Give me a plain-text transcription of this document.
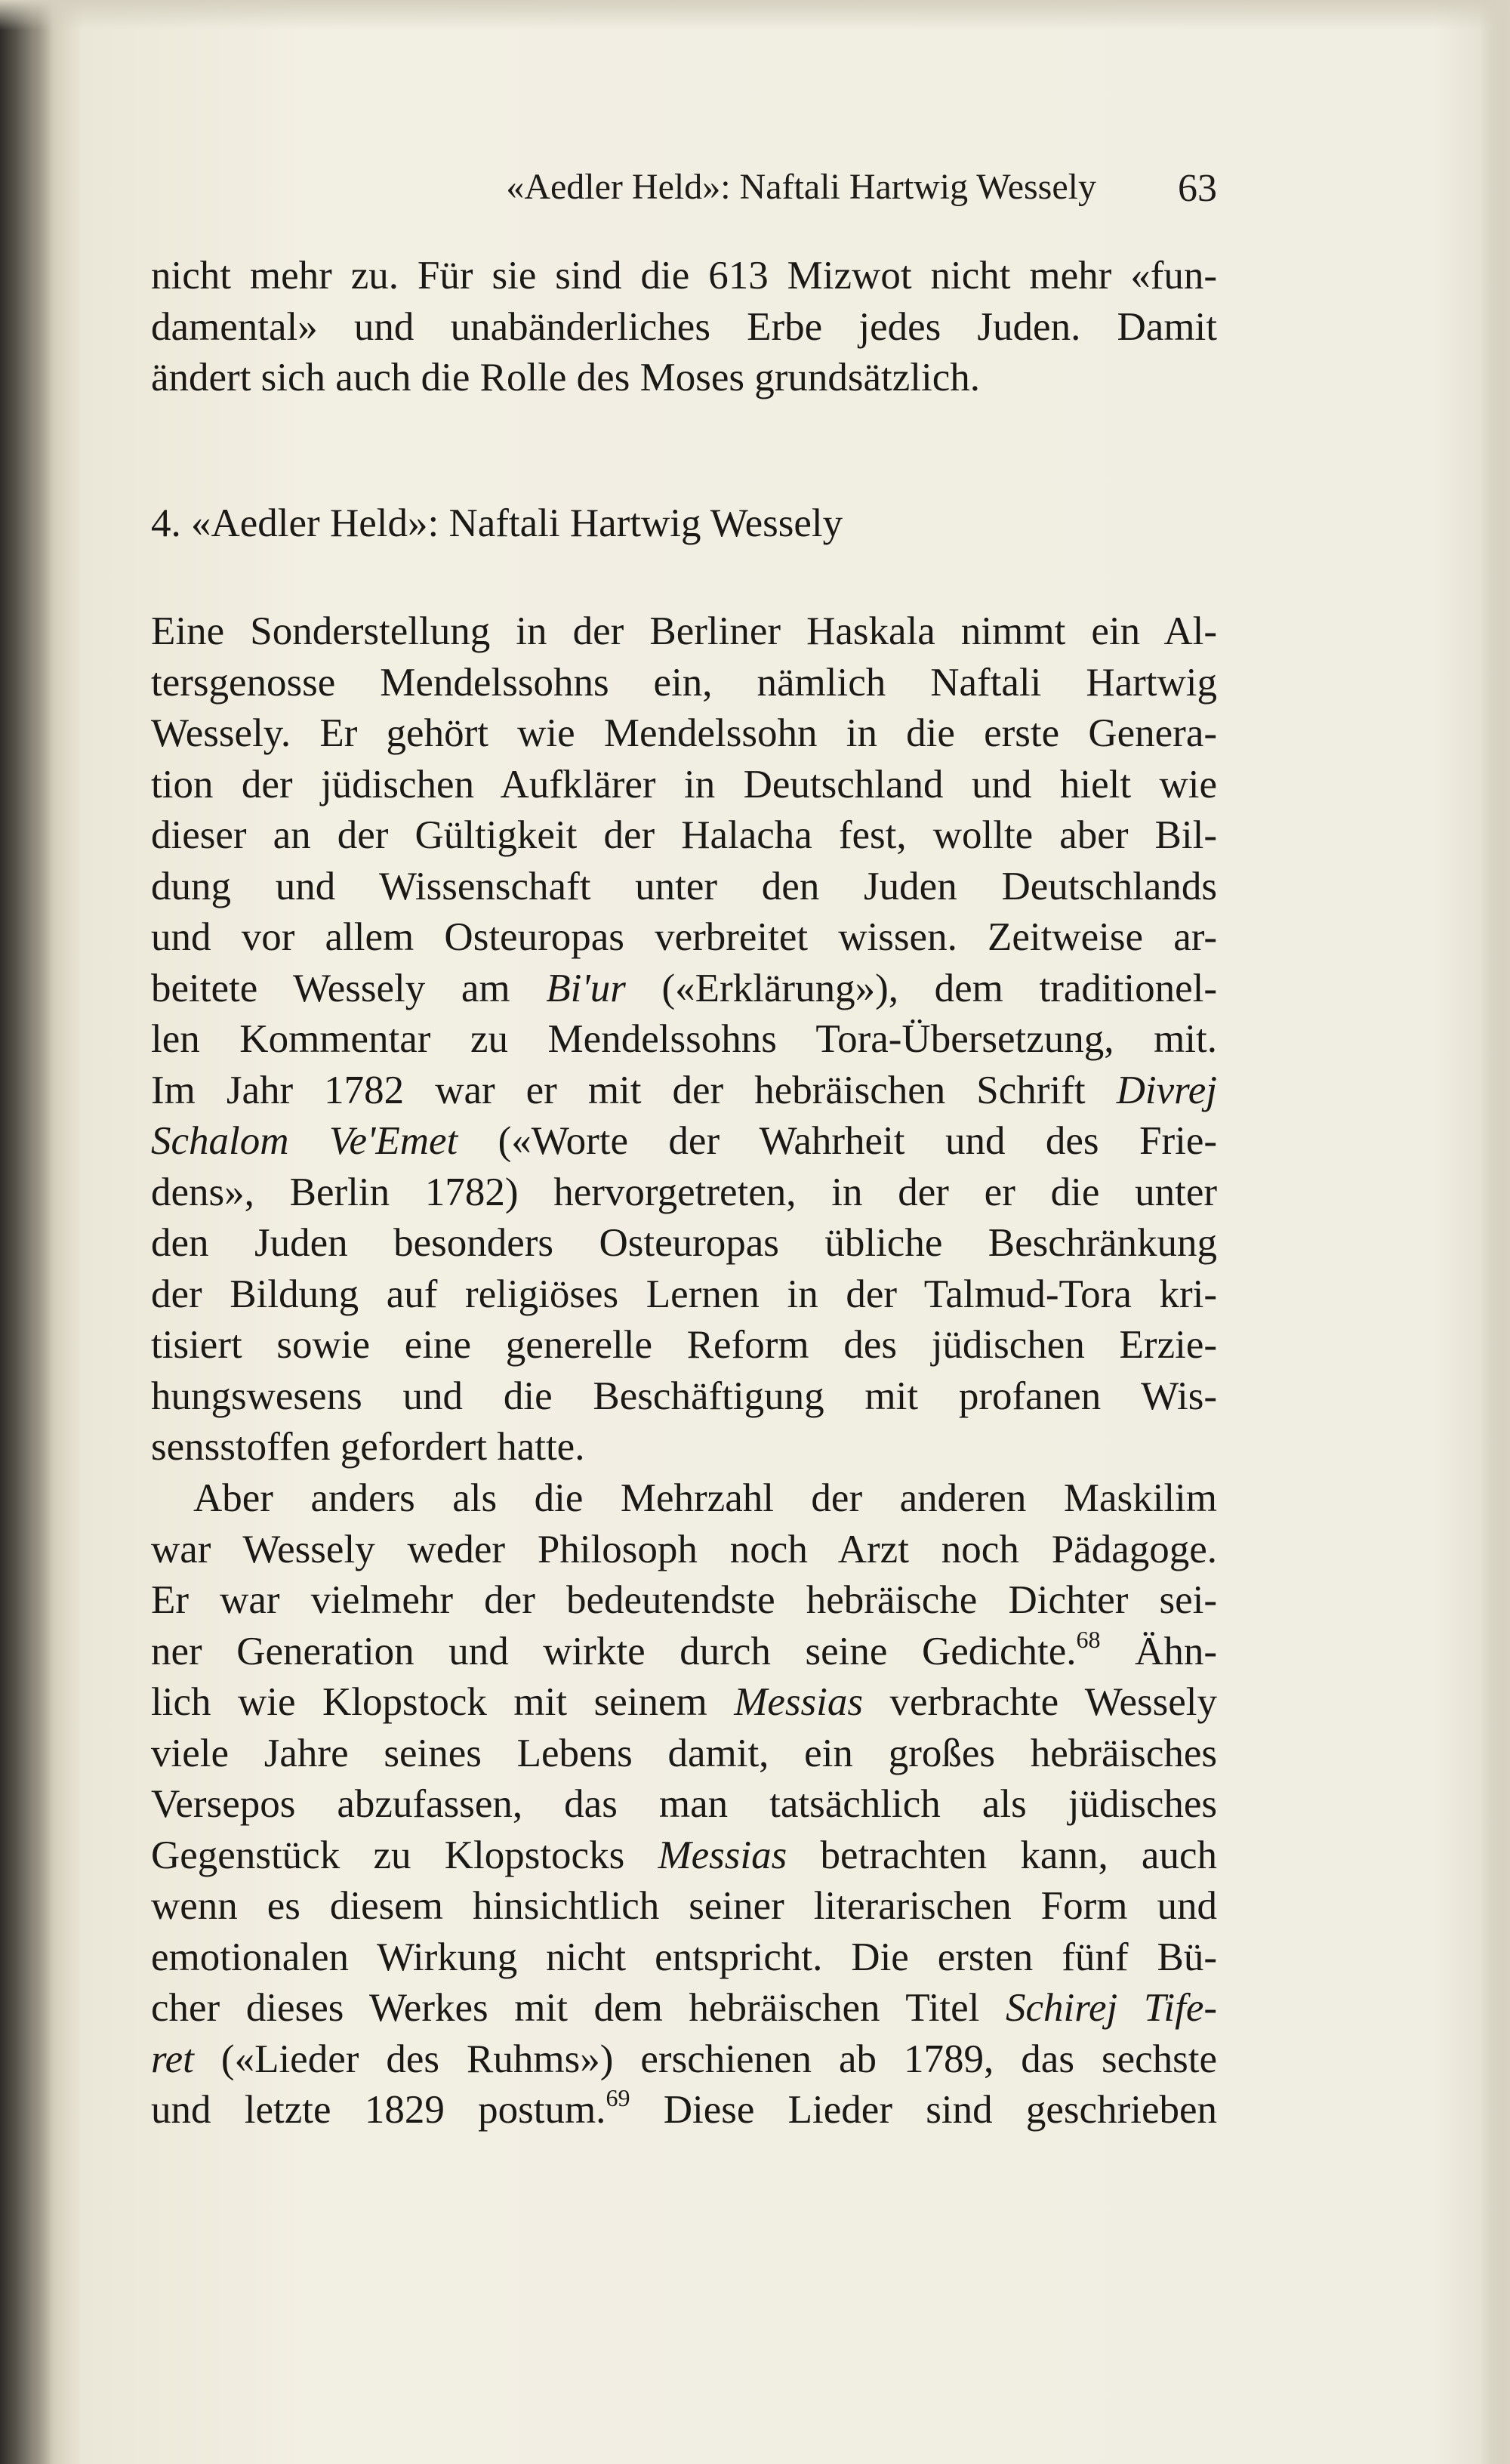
«Aedler Held»: Naftali Hartwig Wessely 63
nicht mehr zu. Für sie sind die 613 Mizwot nicht mehr «fun-
damental» und unabänderliches Erbe jedes Juden. Damit
ändert sich auch die Rolle des Moses grundsätzlich.
4. «Aedler Held»: Naftali Hartwig Wessely
Eine Sonderstellung in der Berliner Haskala nimmt ein Al-
tersgenosse Mendelssohns ein, nämlich Naftali Hartwig
Wessely. Er gehört wie Mendelssohn in die erste Genera-
tion der jüdischen Aufklärer in Deutschland und hielt wie
dieser an der Gültigkeit der Halacha fest, wollte aber Bil-
dung und Wissenschaft unter den Juden Deutschlands
und vor allem Osteuropas verbreitet wissen. Zeitweise ar-
beitete Wessely am Bi'ur («Erklärung»), dem traditionel-
len Kommentar zu Mendelssohns Tora-Übersetzung, mit.
Im Jahr 1782 war er mit der hebräischen Schrift Divrej
Schalom Ve'Emet («Worte der Wahrheit und des Frie-
dens», Berlin 1782) hervorgetreten, in der er die unter
den Juden besonders Osteuropas übliche Beschränkung
der Bildung auf religiöses Lernen in der Talmud-Tora kri-
tisiert sowie eine generelle Reform des jüdischen Erzie-
hungswesens und die Beschäftigung mit profanen Wis-
sensstoffen gefordert hatte.
Aber anders als die Mehrzahl der anderen Maskilim
war Wessely weder Philosoph noch Arzt noch Pädagoge.
Er war vielmehr der bedeutendste hebräische Dichter sei-
ner Generation und wirkte durch seine Gedichte.$^{68}$ Ähn-
lich wie Klopstock mit seinem Messias verbrachte Wessely
viele Jahre seines Lebens damit, ein großes hebräisches
Versepos abzufassen, das man tatsächlich als jüdisches
Gegenstück zu Klopstocks Messias betrachten kann, auch
wenn es diesem hinsichtlich seiner literarischen Form und
emotionalen Wirkung nicht entspricht. Die ersten fünf Bü-
cher dieses Werkes mit dem hebräischen Titel Schirej Tife-
ret («Lieder des Ruhms») erschienen ab 1789, das sechste
und letzte 1829 postum.$^{69}$ Diese Lieder sind geschrieben
